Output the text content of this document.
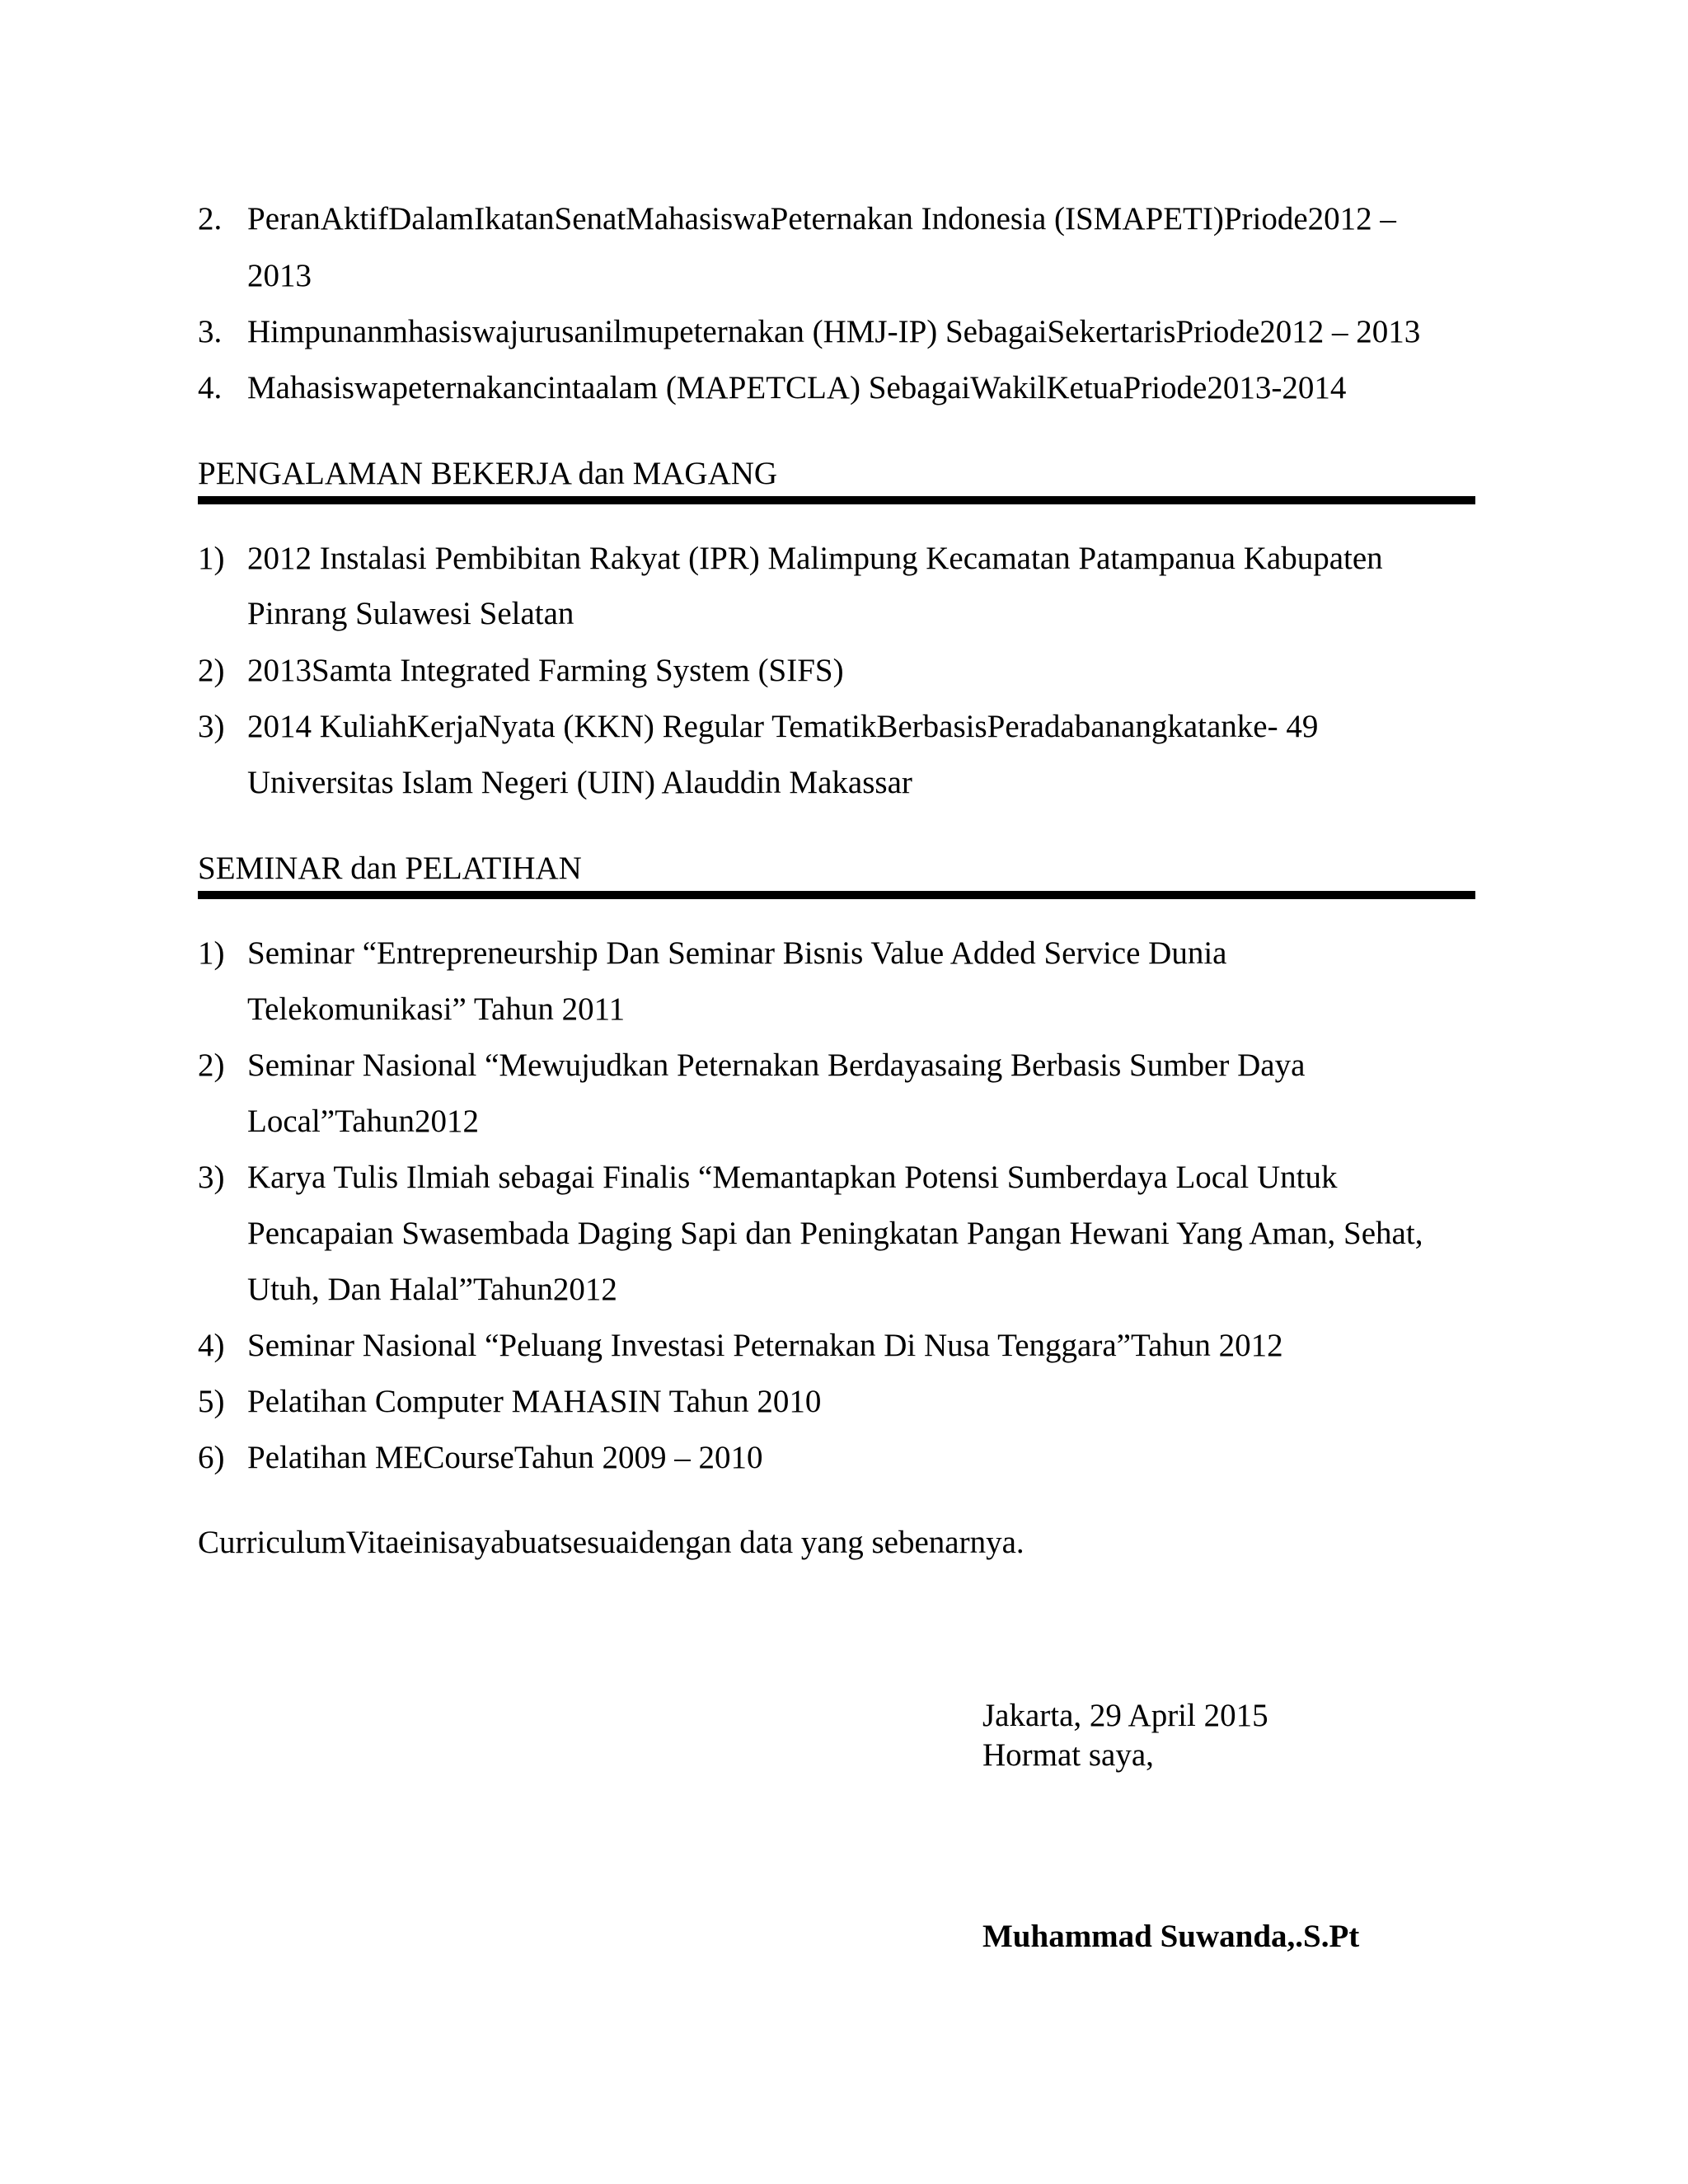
2. PeranAktifDalamIkatanSenatMahasiswaPeternakan Indonesia (ISMAPETI)Priode2012 –
2013
3. Himpunanmhasiswajurusanilmupeternakan (HMJ-IP) SebagaiSekertarisPriode2012 – 2013
4. Mahasiswapeternakancintaalam (MAPETCLA) SebagaiWakilKetuaPriode2013-2014
PENGALAMAN BEKERJA dan MAGANG
1) 2012 Instalasi Pembibitan Rakyat (IPR) Malimpung Kecamatan Patampanua Kabupaten
Pinrang Sulawesi Selatan
2) 2013Samta Integrated Farming System (SIFS)
3) 2014 KuliahKerjaNyata (KKN) Regular TematikBerbasisPeradabanangkatanke- 49
Universitas Islam Negeri (UIN) Alauddin Makassar
SEMINAR dan PELATIHAN
1) Seminar “Entrepreneurship Dan Seminar Bisnis Value Added Service Dunia
Telekomunikasi” Tahun 2011
2) Seminar Nasional “Mewujudkan Peternakan Berdayasaing Berbasis Sumber Daya
Local”Tahun2012
3) Karya Tulis Ilmiah sebagai Finalis “Memantapkan Potensi Sumberdaya Local Untuk
Pencapaian Swasembada Daging Sapi dan Peningkatan Pangan Hewani Yang Aman, Sehat,
Utuh, Dan Halal”Tahun2012
4) Seminar Nasional “Peluang Investasi Peternakan Di Nusa Tenggara”Tahun 2012
5) Pelatihan Computer MAHASIN Tahun 2010
6) Pelatihan MECourseTahun 2009 – 2010
CurriculumVitaeinisayabuatsesuaidengan data yang sebenarnya.
Jakarta, 29 April 2015
Hormat saya,
Muhammad Suwanda,.S.Pt
